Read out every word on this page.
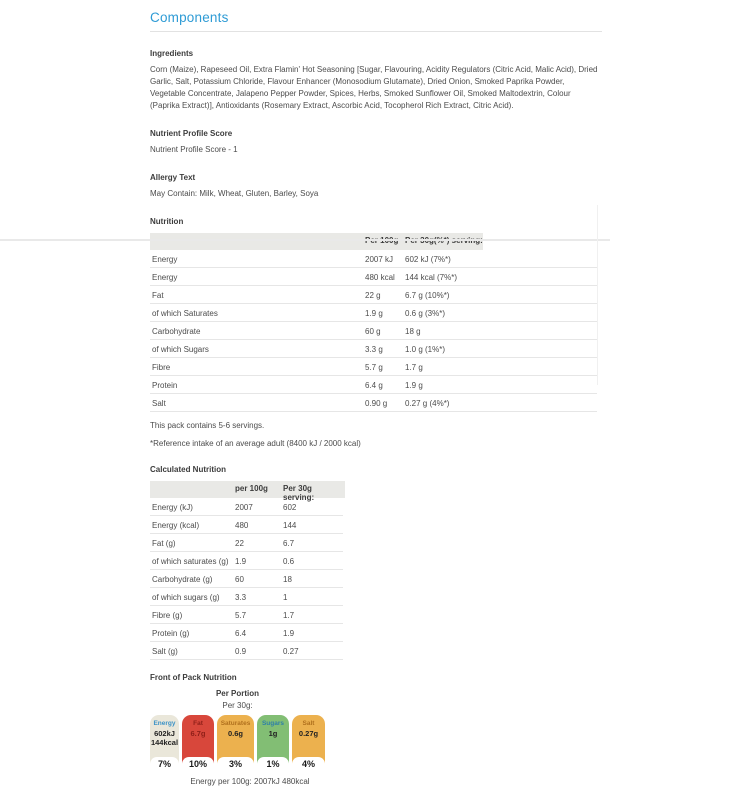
Components
Ingredients
Corn (Maize), Rapeseed Oil, Extra Flamin' Hot Seasoning [Sugar, Flavouring, Acidity Regulators (Citric Acid, Malic Acid), Dried Garlic, Salt, Potassium Chloride, Flavour Enhancer (Monosodium Glutamate), Dried Onion, Smoked Paprika Powder, Vegetable Concentrate, Jalapeno Pepper Powder, Spices, Herbs, Smoked Sunflower Oil, Smoked Maltodextrin, Colour (Paprika Extract)], Antioxidants (Rosemary Extract, Ascorbic Acid, Tocopherol Rich Extract, Citric Acid).
Nutrient Profile Score
Nutrient Profile Score - 1
Allergy Text
May Contain: Milk, Wheat, Gluten, Barley, Soya
Nutrition
Energy	2007 kJ 602 kJ (7%*)
Energy	480 kcal 144 kcal (7%*)
Fat	22 g	6.7 g (10%*)
of which Saturates	1.9 g	0.6 g (3%*)
Carbohydrate	60 g	18 g
of which Sugars	3.3 g	1.0 g (1%*)
Fibre	5.7 g	1.7 g
Protein	6.4 g	1.9 g
Salt	0.90 g 0.27 g (4%*)
This pack contains 5-6 servings.
*Reference intake of an average adult (8400 kJ / 2000 kcal)
Calculated Nutrition
per 100g Per 30g serving:
Energy (kJ)	2007	602
Energy (kcal)	480	144
Fat (g)	22	6.7
of which saturates (g) 1.9	0.6
Carbohydrate (g)	60	18
of which sugars (g) 3.3	1
Fibre (g)	5.7	1.7
Protein (g)	6.4	1.9
Salt (g)	0.9	0.27
Front of Pack Nutrition
Per Portion
Per 30g:
Energy
602kJ
144kcal
7%
Fat
6.7g
10%
Saturates
0.6g
3%
Sugars
1g
1%
Salt
0.27g
4%
Energy per 100g: 2007kJ 480kcal
